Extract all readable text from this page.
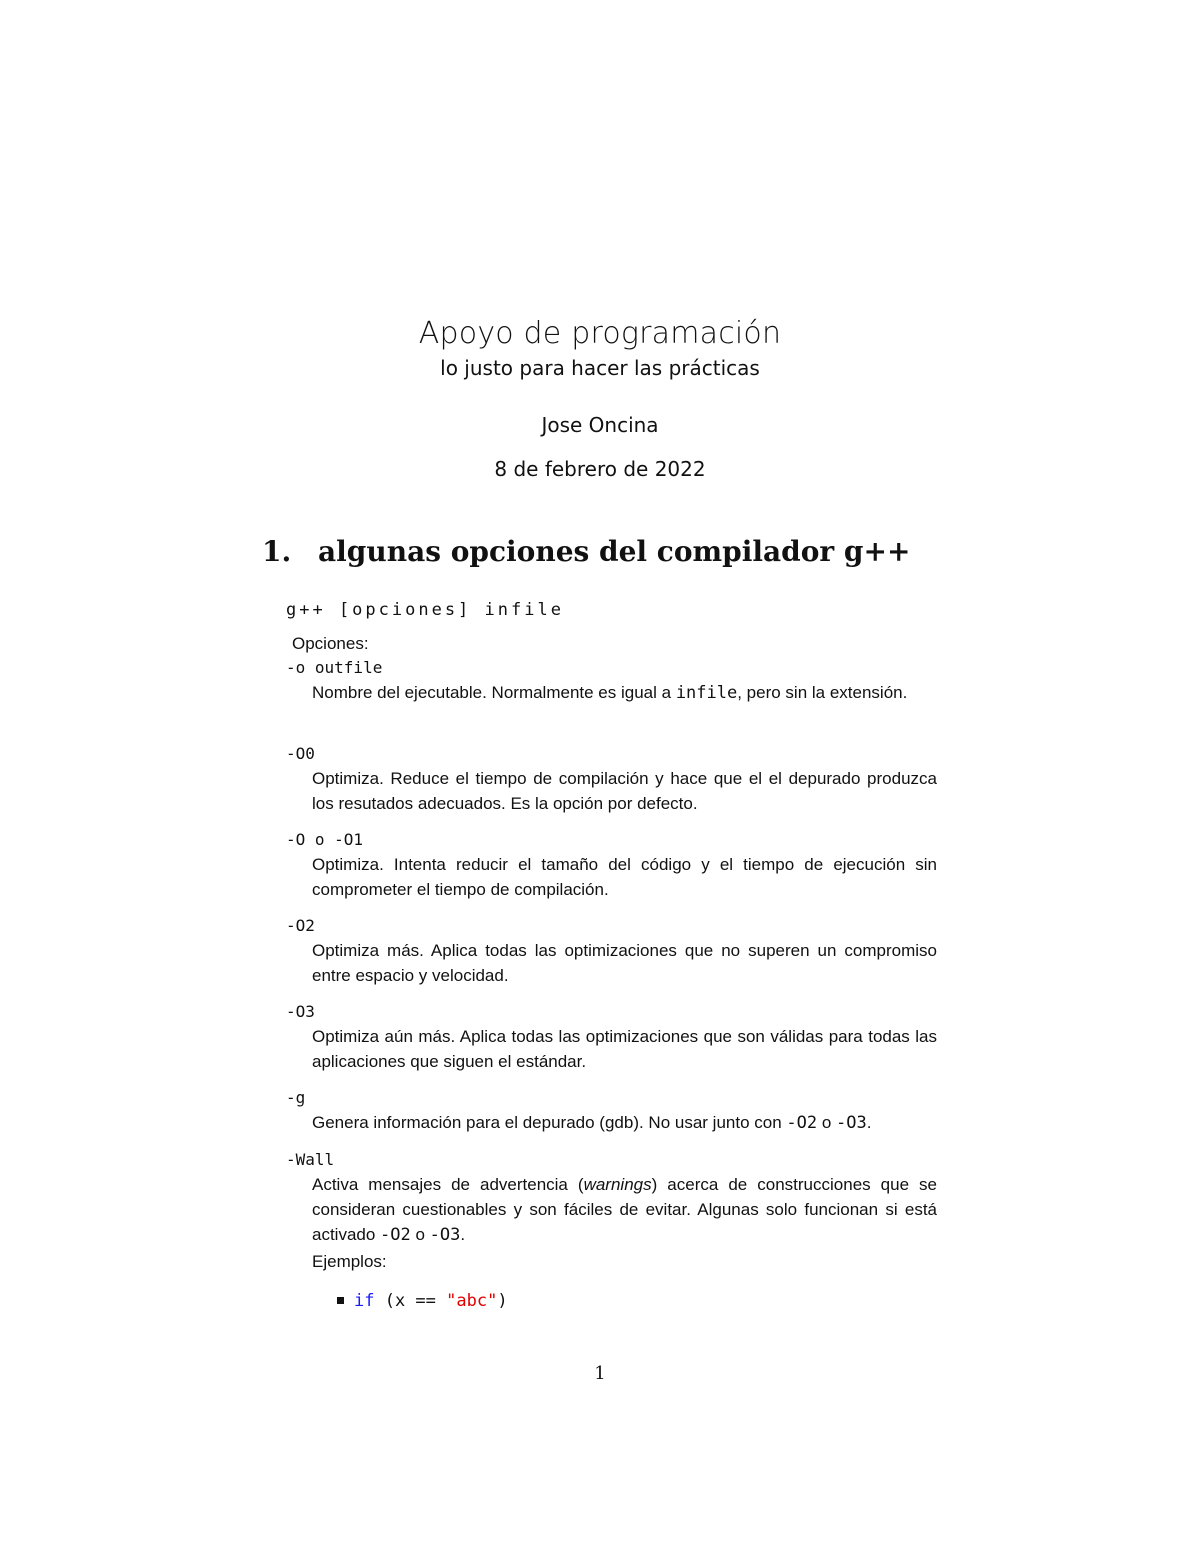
Apoyo de programación
lo justo para hacer las prácticas
Jose Oncina
8 de febrero de 2022
1. algunas opciones del compilador g++
g++ [opciones] infile
Opciones:
-o outfile
Nombre del ejecutable. Normalmente es igual a infile, pero sin la extensión.
-O0
Optimiza. Reduce el tiempo de compilación y hace que el el depurado produzca los resutados adecuados. Es la opción por defecto.
-O o -O1
Optimiza. Intenta reducir el tamaño del código y el tiempo de ejecución sin comprometer el tiempo de compilación.
-O2
Optimiza más. Aplica todas las optimizaciones que no superen un compromiso entre espacio y velocidad.
-O3
Optimiza aún más. Aplica todas las optimizaciones que son válidas para todas las aplicaciones que siguen el estándar.
-g
Genera información para el depurado (gdb). No usar junto con -O2 o -O3.
-Wall
Activa mensajes de advertencia (warnings) acerca de construcciones que se consideran cuestionables y son fáciles de evitar. Algunas solo funcionan si está activado -O2 o -O3.
Ejemplos:
if (x == "abc")
1
